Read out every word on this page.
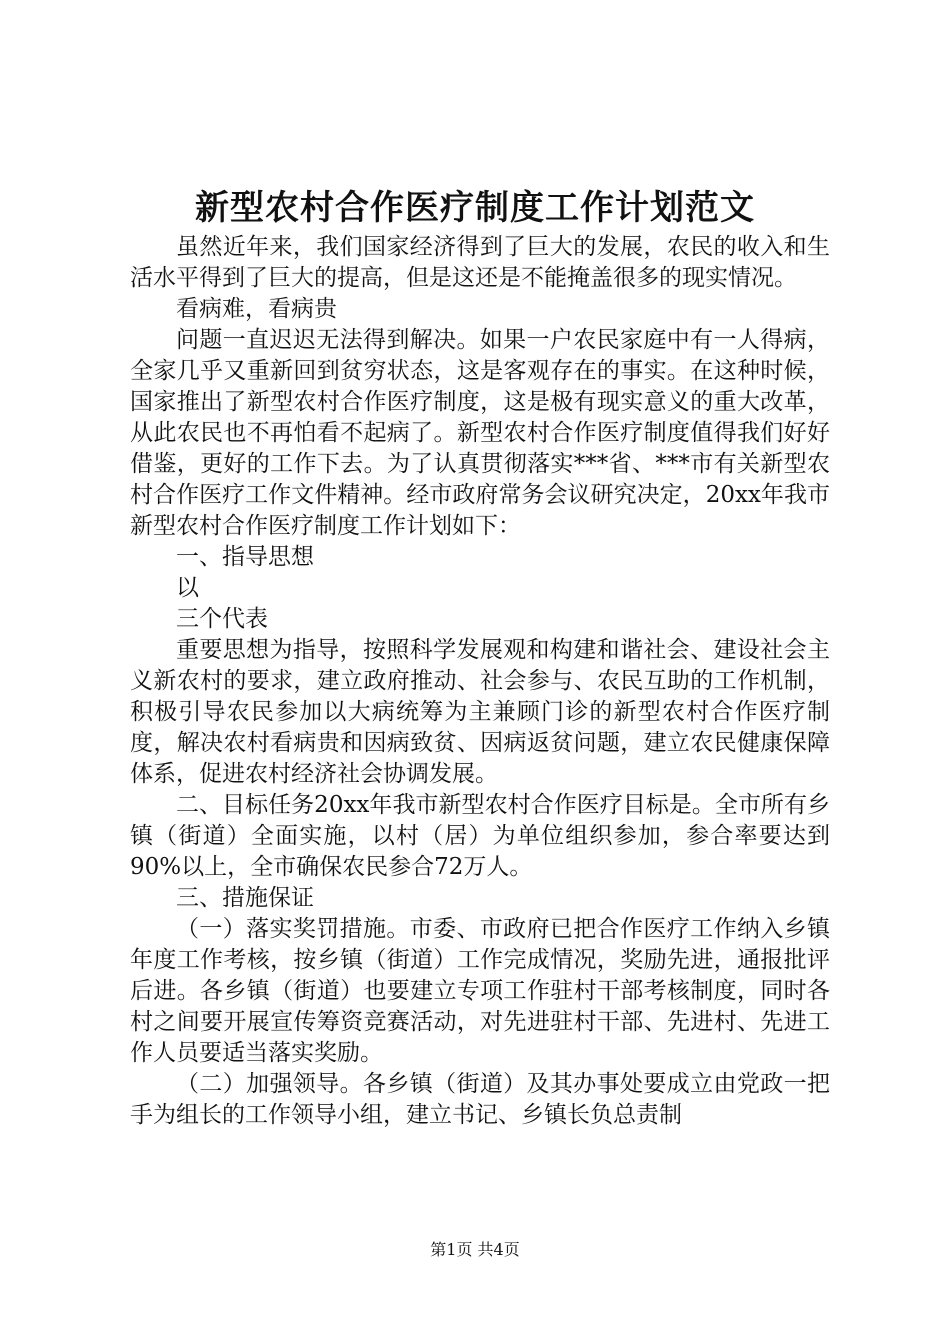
新型农村合作医疗制度工作计划范文

虽然近年来，我们国家经济得到了巨大的发展，农民的收入和生活水平得到了巨大的提高，但是这还是不能掩盖很多的现实情况。

看病难，看病贵

问题一直迟迟无法得到解决。如果一户农民家庭中有一人得病，全家几乎又重新回到贫穷状态，这是客观存在的事实。在这种时候，国家推出了新型农村合作医疗制度，这是极有现实意义的重大改革，从此农民也不再怕看不起病了。新型农村合作医疗制度值得我们好好借鉴，更好的工作下去。为了认真贯彻落实***省、***市有关新型农村合作医疗工作文件精神。经市政府常务会议研究决定，20xx年我市新型农村合作医疗制度工作计划如下：

一、指导思想

以

三个代表

重要思想为指导，按照科学发展观和构建和谐社会、建设社会主义新农村的要求，建立政府推动、社会参与、农民互助的工作机制，积极引导农民参加以大病统筹为主兼顾门诊的新型农村合作医疗制度，解决农村看病贵和因病致贫、因病返贫问题，建立农民健康保障体系，促进农村经济社会协调发展。

二、目标任务20xx年我市新型农村合作医疗目标是。全市所有乡镇（街道）全面实施，以村（居）为单位组织参加，参合率要达到90%以上，全市确保农民参合72万人。

三、措施保证

（一）落实奖罚措施。市委、市政府已把合作医疗工作纳入乡镇年度工作考核，按乡镇（街道）工作完成情况，奖励先进，通报批评后进。各乡镇（街道）也要建立专项工作驻村干部考核制度，同时各村之间要开展宣传筹资竞赛活动，对先进驻村干部、先进村、先进工作人员要适当落实奖励。

（二）加强领导。各乡镇（街道）及其办事处要成立由党政一把手为组长的工作领导小组，建立书记、乡镇长负总责制

第1页 共4页
